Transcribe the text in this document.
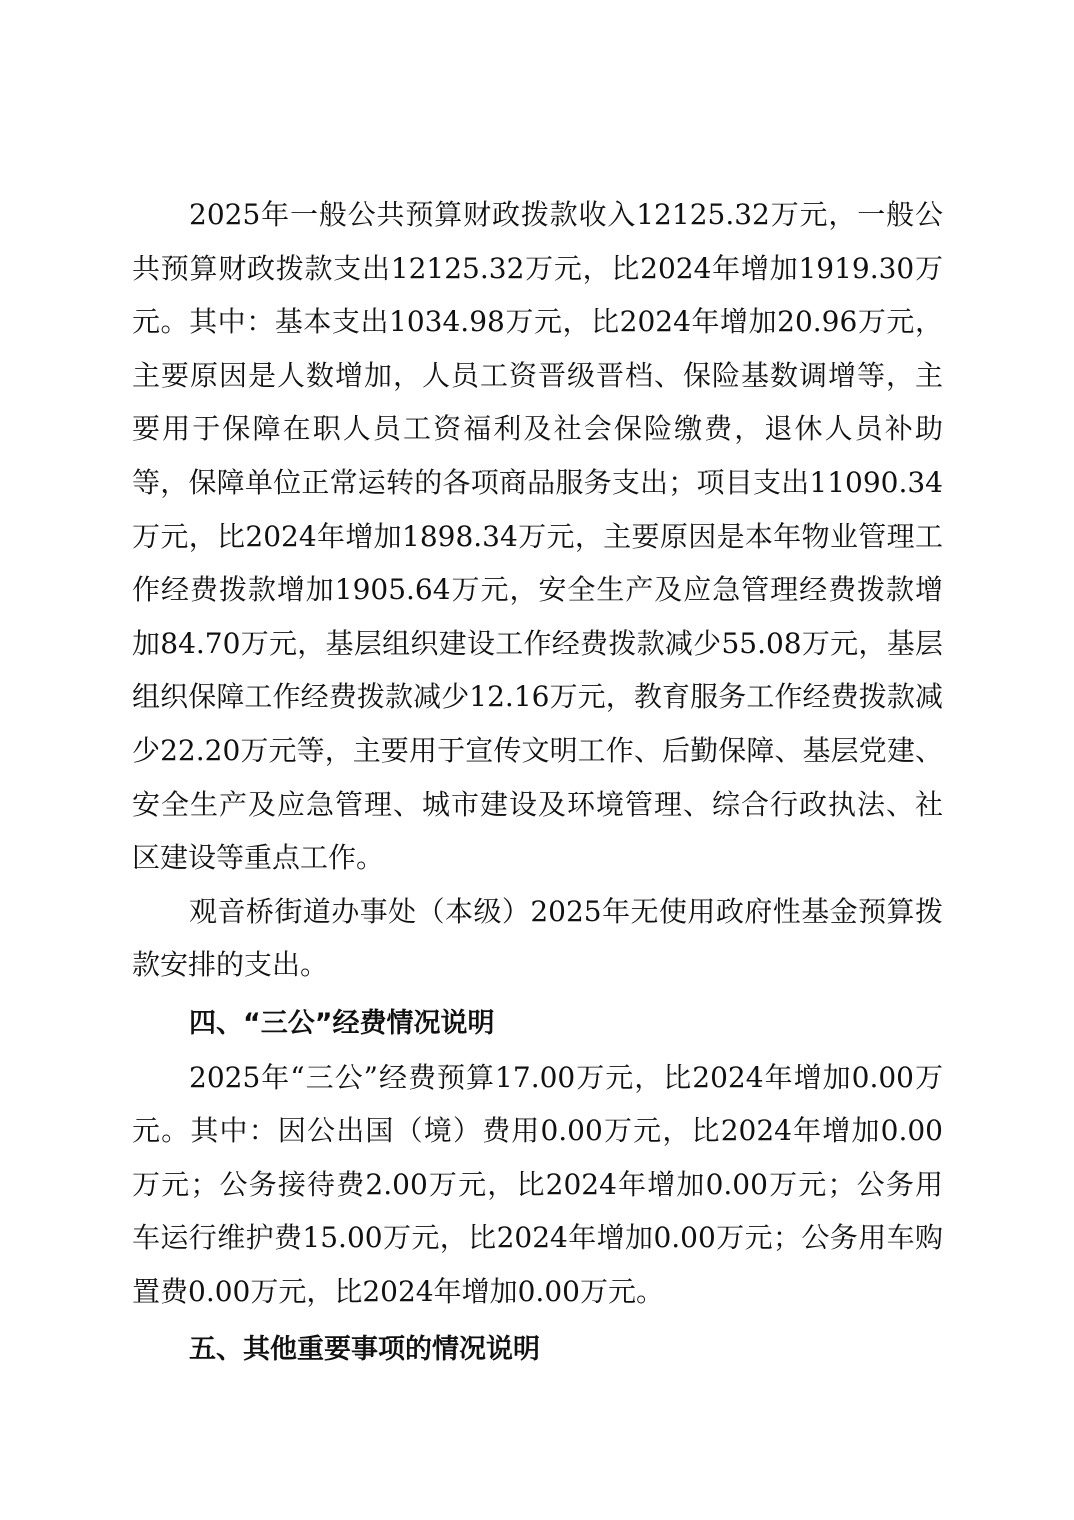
2025年一般公共预算财政拨款收入12125.32万元，一般公共预算财政拨款支出12125.32万元，比2024年增加1919.30万元。其中：基本支出1034.98万元，比2024年增加20.96万元，主要原因是人数增加，人员工资晋级晋档、保险基数调增等，主要用于保障在职人员工资福利及社会保险缴费，退休人员补助等，保障单位正常运转的各项商品服务支出；项目支出11090.34万元，比2024年增加1898.34万元，主要原因是本年物业管理工作经费拨款增加1905.64万元，安全生产及应急管理经费拨款增加84.70万元，基层组织建设工作经费拨款减少55.08万元，基层组织保障工作经费拨款减少12.16万元，教育服务工作经费拨款减少22.20万元等，主要用于宣传文明工作、后勤保障、基层党建、安全生产及应急管理、城市建设及环境管理、综合行政执法、社区建设等重点工作。

观音桥街道办事处（本级）2025年无使用政府性基金预算拨款安排的支出。

四、“三公”经费情况说明

2025年“三公”经费预算17.00万元，比2024年增加0.00万元。其中：因公出国（境）费用0.00万元，比2024年增加0.00万元；公务接待费2.00万元，比2024年增加0.00万元；公务用车运行维护费15.00万元，比2024年增加0.00万元；公务用车购置费0.00万元，比2024年增加0.00万元。

五、其他重要事项的情况说明
